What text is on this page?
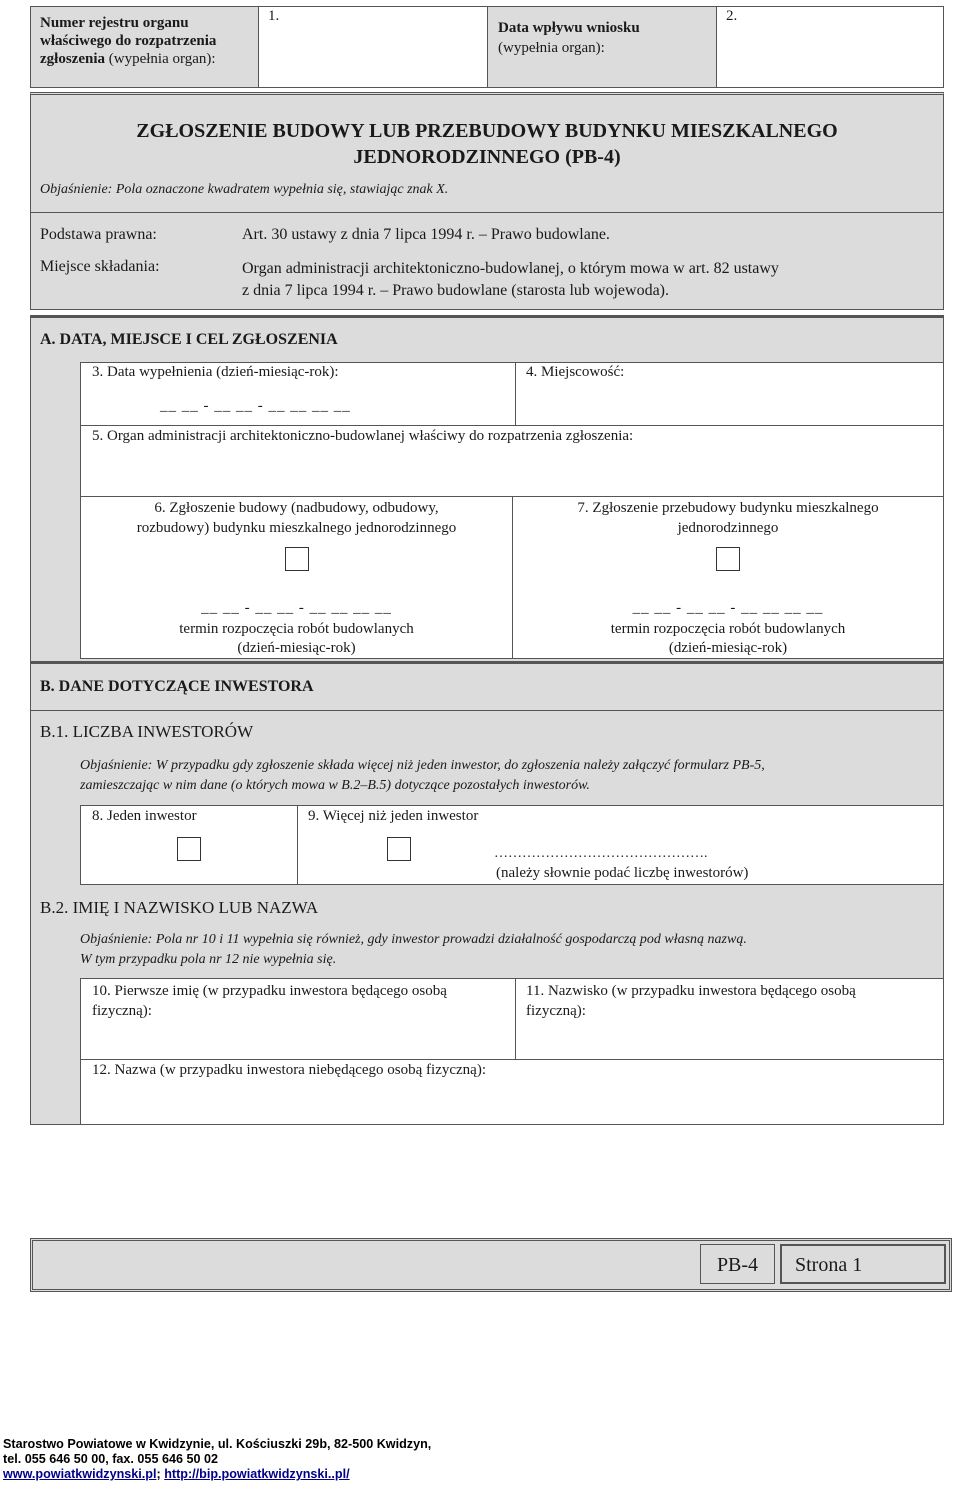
Numer rejestru organu właściwego do rozpatrzenia zgłoszenia (wypełnia organ):
1.
Data wpływu wniosku
(wypełnia organ):
2.
ZGŁOSZENIE BUDOWY LUB PRZEBUDOWY BUDYNKU MIESZKALNEGO
JEDNORODZINNEGO (PB-4)
Objaśnienie: Pola oznaczone kwadratem wypełnia się, stawiając znak X.
Podstawa prawna:	Art. 30 ustawy z dnia 7 lipca 1994 r. – Prawo budowlane.
Miejsce składania:	Organ administracji architektoniczno-budowlanej, o którym mowa w art. 82 ustawy
z dnia 7 lipca 1994 r. – Prawo budowlane (starosta lub wojewoda).
A. DATA, MIEJSCE I CEL ZGŁOSZENIA
3. Data wypełnienia (dzień-miesiąc-rok):
__ __ - __ __ - __ __ __ __
4. Miejscowość:
5. Organ administracji architektoniczno-budowlanej właściwy do rozpatrzenia zgłoszenia:
6. Zgłoszenie budowy (nadbudowy, odbudowy,
rozbudowy) budynku mieszkalnego jednorodzinnego
__ __ - __ __ - __ __ __ __
termin rozpoczęcia robót budowlanych
(dzień-miesiąc-rok)
7. Zgłoszenie przebudowy budynku mieszkalnego
jednorodzinnego
__ __ - __ __ - __ __ __ __
termin rozpoczęcia robót budowlanych
(dzień-miesiąc-rok)
B. DANE DOTYCZĄCE INWESTORA
B.1. LICZBA INWESTORÓW
Objaśnienie: W przypadku gdy zgłoszenie składa więcej niż jeden inwestor, do zgłoszenia należy załączyć formularz PB-5,
zamieszczając w nim dane (o których mowa w B.2–B.5) dotyczące pozostałych inwestorów.
8. Jeden inwestor	9. Więcej niż jeden inwestor
……………………………………….
(należy słownie podać liczbę inwestorów)
B.2. IMIĘ I NAZWISKO LUB NAZWA
Objaśnienie: Pola nr 10 i 11 wypełnia się również, gdy inwestor prowadzi działalność gospodarczą pod własną nazwą.
W tym przypadku pola nr 12 nie wypełnia się.
10. Pierwsze imię (w przypadku inwestora będącego osobą
fizyczną):
11. Nazwisko (w przypadku inwestora będącego osobą
fizyczną):
12. Nazwa (w przypadku inwestora niebędącego osobą fizyczną):
PB-4	Strona 1
Starostwo Powiatowe w Kwidzynie, ul. Kościuszki 29b, 82-500 Kwidzyn,
tel. 055 646 50 00, fax. 055 646 50 02
www.powiatkwidzynski.pl; http://bip.powiatkwidzynski..pl/
